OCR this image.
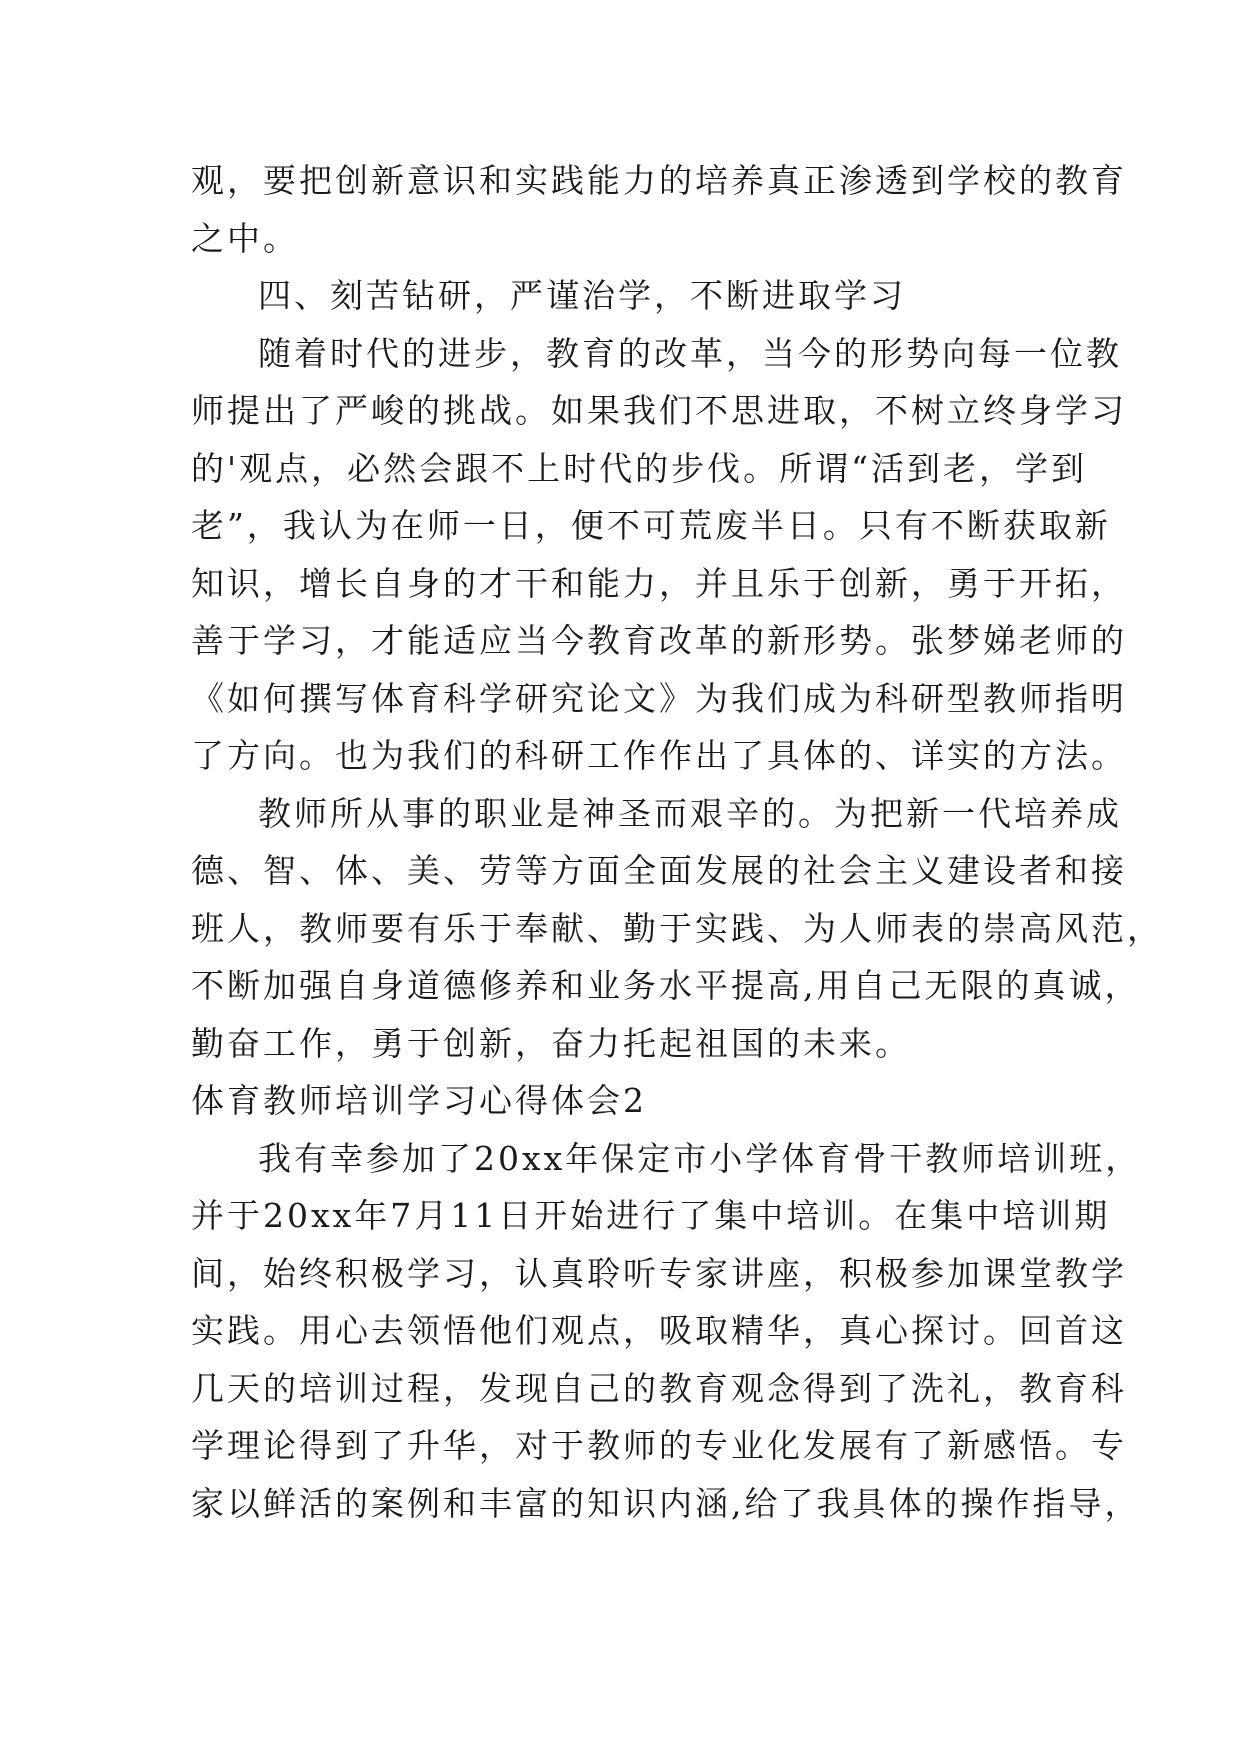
观，要把创新意识和实践能力的培养真正渗透到学校的教育
之中。
四、刻苦钻研，严谨治学，不断进取学习
随着时代的进步，教育的改革，当今的形势向每一位教
师提出了严峻的挑战。如果我们不思进取，不树立终身学习
的'观点，必然会跟不上时代的步伐。所谓“活到老，学到
老”，我认为在师一日，便不可荒废半日。只有不断获取新
知识，增长自身的才干和能力，并且乐于创新，勇于开拓，
善于学习，才能适应当今教育改革的新形势。张梦娣老师的
《如何撰写体育科学研究论文》为我们成为科研型教师指明
了方向。也为我们的科研工作作出了具体的、详实的方法。
教师所从事的职业是神圣而艰辛的。为把新一代培养成
德、智、体、美、劳等方面全面发展的社会主义建设者和接
班人，教师要有乐于奉献、勤于实践、为人师表的崇高风范，
不断加强自身道德修养和业务水平提高,用自己无限的真诚，
勤奋工作，勇于创新，奋力托起祖国的未来。
体育教师培训学习心得体会2
我有幸参加了20xx年保定市小学体育骨干教师培训班，
并于20xx年7月11日开始进行了集中培训。在集中培训期
间，始终积极学习，认真聆听专家讲座，积极参加课堂教学
实践。用心去领悟他们观点，吸取精华，真心探讨。回首这
几天的培训过程，发现自己的教育观念得到了洗礼，教育科
学理论得到了升华，对于教师的专业化发展有了新感悟。专
家以鲜活的案例和丰富的知识内涵,给了我具体的操作指导，
